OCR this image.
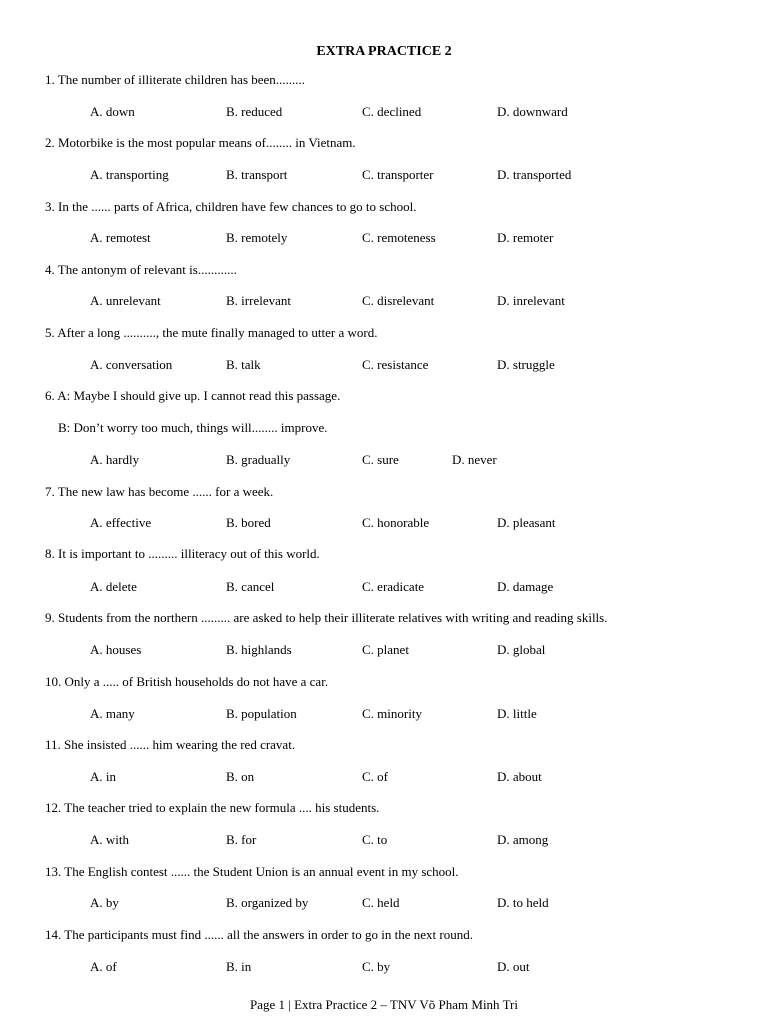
EXTRA PRACTICE 2
1. The number of illiterate children has been.........
A. down	B. reduced	C. declined	D. downward
2. Motorbike is the most popular means of........ in Vietnam.
A. transporting	B. transport	C. transporter	D. transported
3. In the ...... parts of Africa, children have few chances to go to school.
A. remotest	B. remotely	C. remoteness	D. remoter
4. The antonym of relevant is............
A. unrelevant	B. irrelevant	C. disrelevant	D. inrelevant
5. After a long .........., the mute finally managed to utter a word.
A. conversation	B. talk	C. resistance	D. struggle
6. A: Maybe I should give up. I cannot read this passage.
B: Don’t worry too much, things will........ improve.
A. hardly	B. gradually	C. sure	D. never
7. The new law has become ...... for a week.
A. effective	B. bored	C. honorable	D. pleasant
8. It is important to ......... illiteracy out of this world.
A. delete	B. cancel	C. eradicate	D. damage
9. Students from the northern ......... are asked to help their illiterate relatives with writing and reading skills.
A. houses	B. highlands	C. planet	D. global
10. Only a ..... of British households do not have a car.
A. many	B. population	C. minority	D. little
11. She insisted ...... him wearing the red cravat.
A. in	B. on	C. of	D. about
12. The teacher tried to explain the new formula .... his students.
A. with	B. for	C. to	D. among
13. The English contest ...... the Student Union is an annual event in my school.
A. by	B. organized by	C. held	D. to held
14. The participants must find ...... all the answers in order to go in the next round.
A. of	B. in	C. by	D. out
Page 1 | Extra Practice 2 – TNV Võ Pham Minh Tri
